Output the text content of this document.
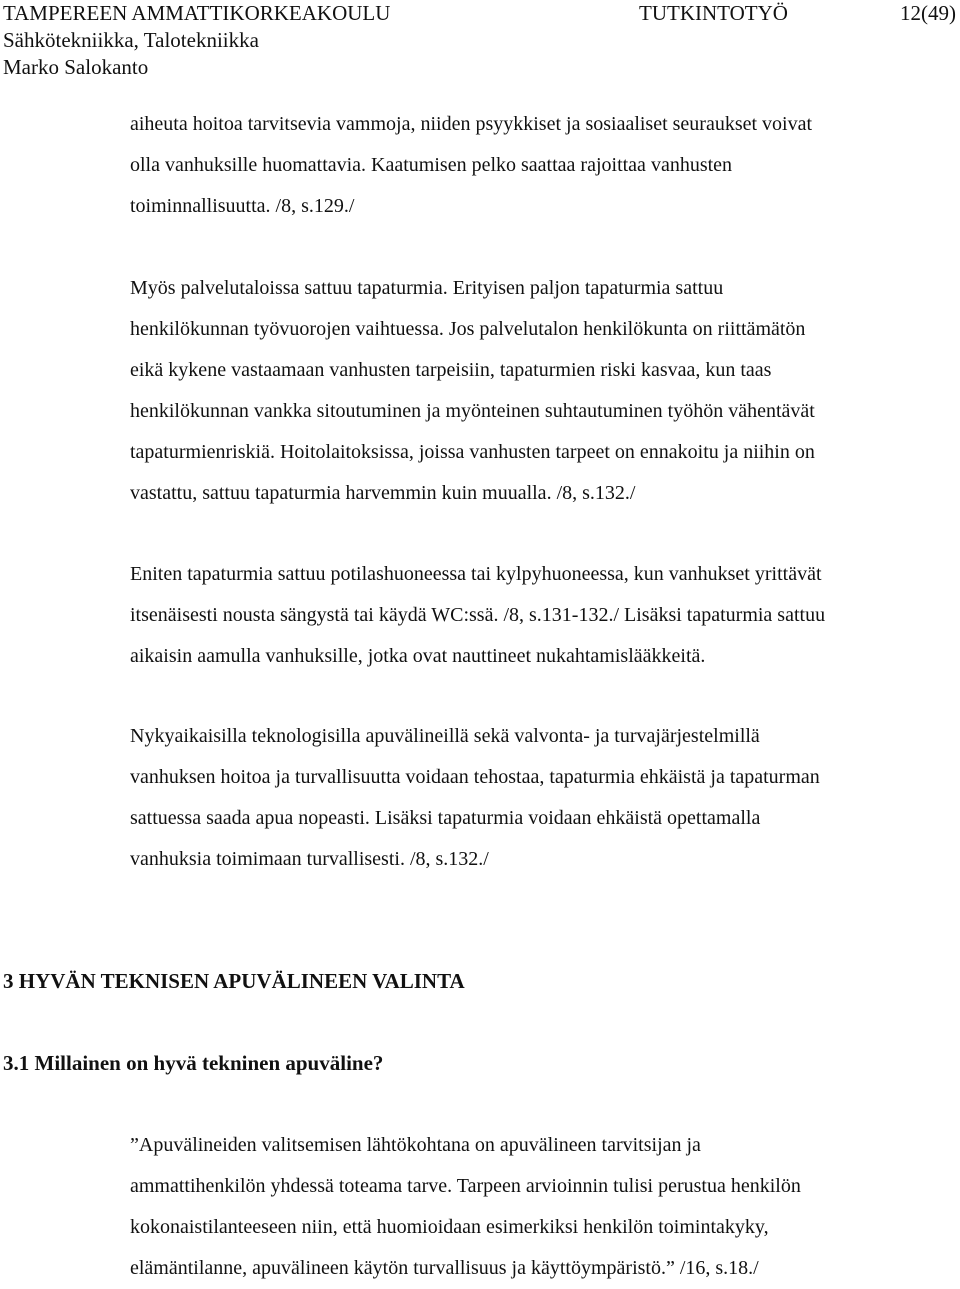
TAMPEREEN AMMATTIKORKEAKOULU	TUTKINTOTYÖ	12(49)
Sähkötekniikka, Talotekniikka
Marko Salokanto
aiheuta hoitoa tarvitsevia vammoja, niiden psyykkiset ja sosiaaliset seuraukset voivat
olla vanhuksille huomattavia. Kaatumisen pelko saattaa rajoittaa vanhusten
toiminnallisuutta. /8, s.129./
Myös palvelutaloissa sattuu tapaturmia. Erityisen paljon tapaturmia sattuu
henkilökunnan työvuorojen vaihtuessa. Jos palvelutalon henkilökunta on riittämätön
eikä kykene vastaamaan vanhusten tarpeisiin, tapaturmien riski kasvaa, kun taas
henkilökunnan vankka sitoutuminen ja myönteinen suhtautuminen työhön vähentävät
tapaturmienriskiä. Hoitolaitoksissa, joissa vanhusten tarpeet on ennakoitu ja niihin on
vastattu, sattuu tapaturmia harvemmin kuin muualla. /8, s.132./
Eniten tapaturmia sattuu potilashuoneessa tai kylpyhuoneessa, kun vanhukset yrittävät
itsenäisesti nousta sängystä tai käydä WC:ssä. /8, s.131-132./ Lisäksi tapaturmia sattuu
aikaisin aamulla vanhuksille, jotka ovat nauttineet nukahtamislääkkeitä.
Nykyaikaisilla teknologisilla apuvälineillä sekä valvonta- ja turvajärjestelmillä
vanhuksen hoitoa ja turvallisuutta voidaan tehostaa, tapaturmia ehkäistä ja tapaturman
sattuessa saada apua nopeasti. Lisäksi tapaturmia voidaan ehkäistä opettamalla
vanhuksia toimimaan turvallisesti. /8, s.132./
3 HYVÄN TEKNISEN APUVÄLINEEN VALINTA
3.1 Millainen on hyvä tekninen apuväline?
”Apuvälineiden valitsemisen lähtökohtana on apuvälineen tarvitsijan ja
ammattihenkilön yhdessä toteama tarve. Tarpeen arvioinnin tulisi perustua henkilön
kokonaistilanteeseen niin, että huomioidaan esimerkiksi henkilön toimintakyky,
elämäntilanne, apuvälineen käytön turvallisuus ja käyttöympäristö.” /16, s.18./
